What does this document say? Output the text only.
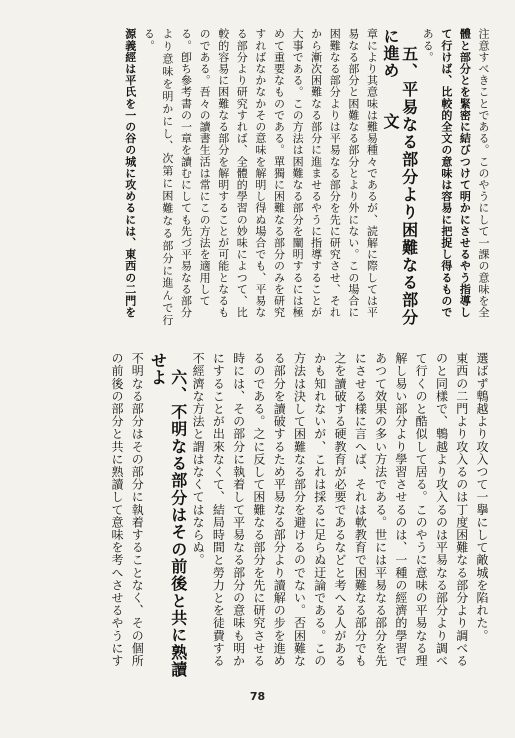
注意すべきことである。このやうにして一課の意味を全
體と部分とを緊密に結びつけて明かにさせるやう指導し
て行けば、比較的全文の意味は容易に把捉し得るもので
ある。
　五、平易なる部分より困難なる部分に進め　　文
章により其意味は難易種々であるが、読解に際しては平
易なる部分と困難なる部分とより外にない。この場合に
困難なる部分よりは平易なる部分を先に研究させ、それ
から漸次困難なる部分に進ませるやうに指導することが
大事である。この方法は困難なる部分を闡明するには極
めて重要なものである。單獨に困難なる部分のみを研究
すればなかなかその意味を解明し得ぬ場合でも、平易な
る部分より研究すれば、全體的學習の妙味によつて、比
較的容易に困難なる部分を解明することが可能となるも
のである。吾々の讀書生活は常にこの方法を適用して
る。卽ち參考書の一章を讀むにしても先づ平易なる部分
より意味を明かにし、次第に困難なる部分に進んで行る。
源義經は平氏を一の谷の城に攻めるには、東西の二門を
選ばず鵯越より攻入つて一擧にして敵城を陷れた。
東西の二門より攻入るのは丁度困難なる部分より調べる
のと同樣で、鵯越より攻入るのは平易なる部分より調べ
て行くのと酷似して居る。このやうに意味の平易なる理
解し易い部分より學習させるのは、一種の經濟的學習で
あつて效果の多い方法である。世には平易なる部分を先
にさせる樣に言へば、それは軟教育で困難なる部分でも
之を讀破する硬教育が必要であるなどと考へる人がある
かも知れないが、これは採るに足らぬ迂論である。この
方法は決して困難なる部分を避けるのでない。否困難な
る部分を讀破するため平易なる部分より讀解の步を進め
るのである。之に反して困難なる部分を先に研究させる
時には、その部分に執着して平易なる部分の意味も明か
にすることが出來なくて、結局時間と勞力とを徒費する
不經濟な方法と謂はなくてはならぬ。
　六、不明なる部分はその前後と共に熟讀せよ
不明なる部分はその部分に執着することなく、その個所
の前後の部分と共に熟讀して意味を考へさせるやうにす
78
